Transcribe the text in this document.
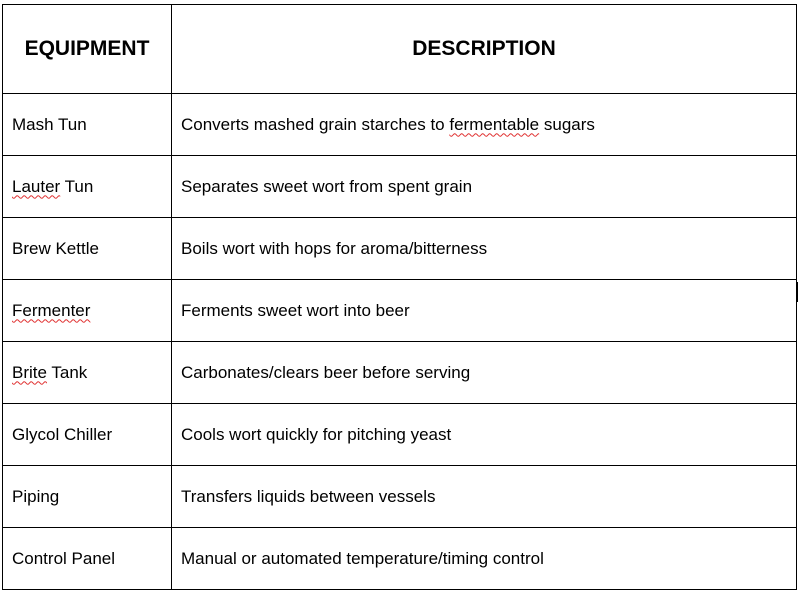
EQUIPMENT	DESCRIPTION
Mash Tun	Converts mashed grain starches to fermentable sugars
Lauter Tun	Separates sweet wort from spent grain
Brew Kettle	Boils wort with hops for aroma/bitterness
Fermenter	Ferments sweet wort into beer
Brite Tank	Carbonates/clears beer before serving
Glycol Chiller	Cools wort quickly for pitching yeast
Piping	Transfers liquids between vessels
Control Panel	Manual or automated temperature/timing control
